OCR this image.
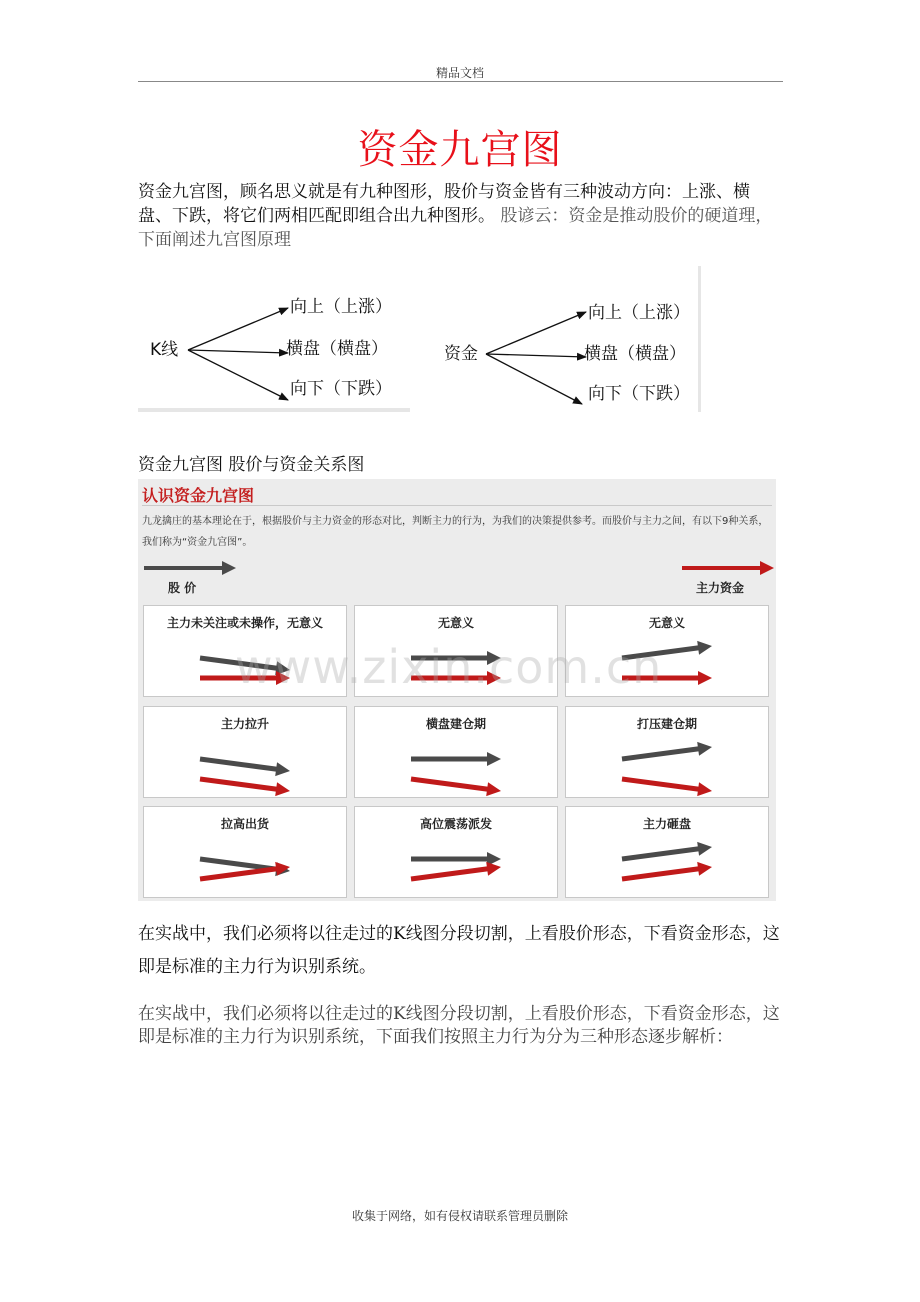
精品文档
资金九宫图
资金九宫图，顾名思义就是有九种图形，股价与资金皆有三种波动方向：上涨、横盘、下跌，将它们两相匹配即组合出九种图形。 股谚云：资金是推动股价的硬道理，下面阐述九宫图原理
K线
向上（上涨）
横盘（横盘）
向下（下跌）
资金
向上（上涨）
横盘（横盘）
向下（下跌）
资金九宫图 股价与资金关系图
认识资金九宫图
九龙擒庄的基本理论在于，根据股价与主力资金的形态对比，判断主力的行为，为我们的决策提供参考。而股价与主力之间，有以下9种关系，我们称为“资金九宫图”。
股 价	主力资金
主力未关注或未操作，无意义	无意义	无意义
主力拉升	横盘建仓期	打压建仓期
拉高出货	高位震荡派发	主力砸盘
www.zixin.com.cn
在实战中，我们必须将以往走过的K线图分段切割，上看股价形态，下看资金形态，这即是标准的主力行为识别系统。
在实战中，我们必须将以往走过的K线图分段切割，上看股价形态，下看资金形态，这即是标准的主力行为识别系统，下面我们按照主力行为分为三种形态逐步解析：
收集于网络，如有侵权请联系管理员删除
